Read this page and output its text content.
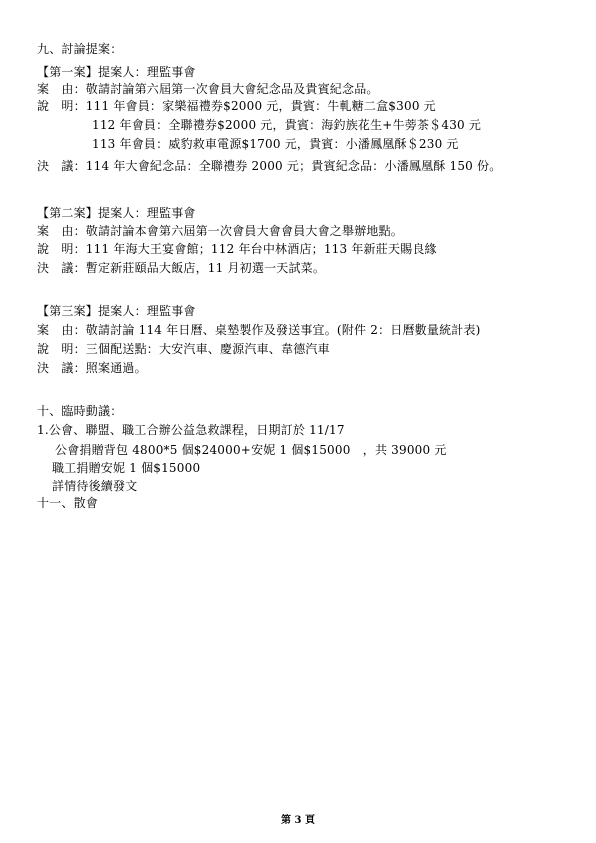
九、討論提案：
【第一案】提案人：理監事會
案　由：敬請討論第六屆第一次會員大會紀念品及貴賓紀念品。
說　明：111 年會員：家樂福禮券$2000 元，貴賓：牛軋糖二盒$300 元
112 年會員：全聯禮券$2000 元，貴賓：海釣族花生+牛蒡茶＄430 元
113 年會員：威豹救車電源$1700 元，貴賓：小潘鳳凰酥＄230 元
決　議：114 年大會紀念品：全聯禮券 2000 元；貴賓紀念品：小潘鳳凰酥 150 份。
【第二案】提案人：理監事會
案　由：敬請討論本會第六屆第一次會員大會會員大會之舉辦地點。
說　明：111 年海大王宴會館；112 年台中林酒店；113 年新莊天賜良緣
決　議：暫定新莊頤品大飯店，11 月初選一天試菜。
【第三案】提案人：理監事會
案　由：敬請討論 114 年日曆、桌墊製作及發送事宜。(附件 2：日曆數量統計表)
說　明：三個配送點：大安汽車、慶源汽車、韋德汽車
決　議：照案通過。
十、臨時動議：
1.公會、聯盟、職工合辦公益急救課程，日期訂於 11/17
公會捐贈背包 4800*5 個$24000+安妮 1 個$15000　，共 39000 元
職工捐贈安妮 1 個$15000
詳情待後續發文
十一、散會
第 3 頁
